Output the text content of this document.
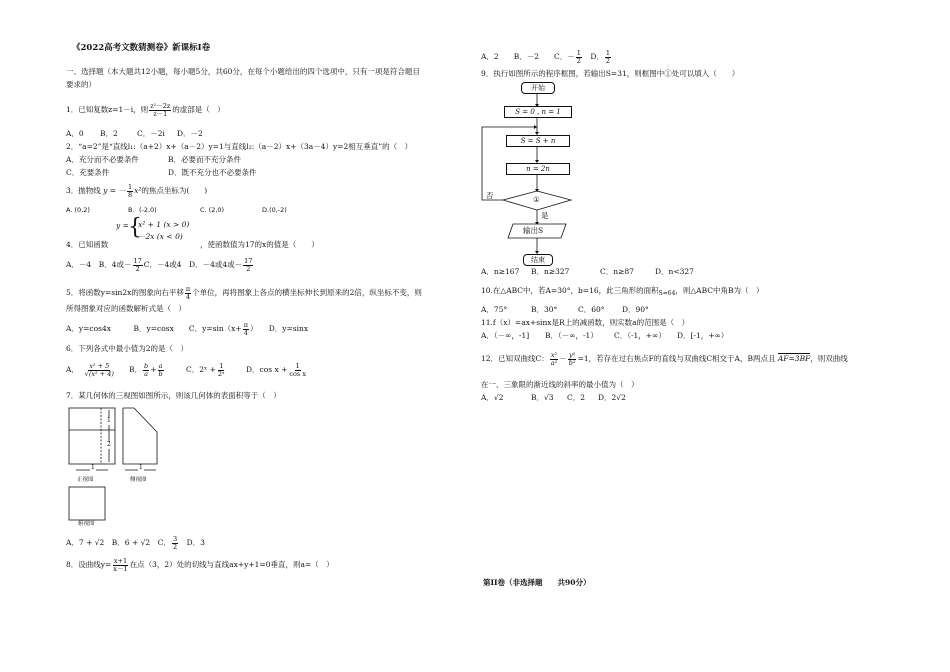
《2022高考文数猜测卷》新课标Ⅰ卷
一、选择题（本大题共12小题，每小题5分，共60分，在每个小题给出的四个选项中，只有一项是符合题目
要求的）
1．已知复数z=1－i，则 $\frac{\text{z²－2z}}{z-1}$ 的虚部是（　）
A．0 B．2	C．－2i D．－2
2．“a=2”是“直线l₁:（a+2）x+（a－2）y=1与直线l₂:（a－2）x+（3a－4）y=2相互垂直”的（　）
A．充分而不必要条件	B．必要而不充分条件
C．充要条件	D．既不充分也不必要条件
3．抛物线 y = － $\frac{1}{8} x^2$的焦点坐标为(　　)
A. (0,2)	B．(-2,0)	C. (2,0)	D.(0,-2)
y = {
x² + 1 (x > 0)
－2x (x < 0)
4．已知函数	，使函数值为17的x的值是（　　）
A．－4　 B．4或－ $\frac{17}{2}$ C．－4或4　 D．－4或4或－ $\frac{17}{2}$
5．将函数y=sin2x的图象向右平移 $\frac{\pi}{4}$ 个单位，再将图象上各点的横坐标伸长到原来的2倍，纵坐标不变，则
所得图象对应的函数解析式是（　）
A．y=cos4x　　　	B．y=cosx　　 C．$y=\sin(x+ \frac{\pi}{4}$ ）　　 D．y=sinx
6．下列各式中最小值为2的是（　）
A．　 $\frac{\text{x² + 5}}{\text{√(x² + 4)}}$ B． $\frac{b}{a} + \frac{a}{b}$	C．2ˣ + $\frac{1}{\text{2ˣ}}$	D．$\cos x + \frac{1}{\text{cos x}}$
7．某几何体的三视图如图所示，则该几何体的表面积等于（　）
1	1
1
2
正视图	侧视图
俯视图
A．7 + √2　 B．6 + √2　 C． $\frac{3}{2}$
　 D．3
8．设曲线$y= \frac{x+1}{x-1}$ 在点（3，2）处的切线与直线ax+y+1=0垂直，则a=（　）
A．2　　 B．－2　　 C．－ $\frac{1}{2}$
　 D． $\frac{1}{2}$
9．执行如图所示的程序框图，若输出S=31，则框图中①处可以填入（　　）
开始
S = 0 , n = 1
S = S + n
n = 2n
①
否
是
输出S
结束
A．n≥167 B．n≥327	C．n≥87	D．n<327
10.在△ABC中，若A=30°，b=16，此三角形的面积$_{S=64}$，则△ABC中角B为（　）
A．75°	B．30°	C．60° D．90°
11.f（x）=ax+sinx是R上的减函数，则实数a的范围是（　）
A．（－∞，-1] B．（－∞，-1） C．（-1，+∞） D．[-1，+∞）
12．已知双曲线C： $\frac{\text{x²}}{\text{a²}} - \frac{\text{y²}}{\text{b²}} =1$，若存在过右焦点F的直线与双曲线C相交于A，B两点且 AF=3BF，则双曲线
在一、三象限的渐近线的斜率的最小值为（　）
A．√2	B．√3 C．2 D．2√2
第II卷（非选择题　　共90分）
